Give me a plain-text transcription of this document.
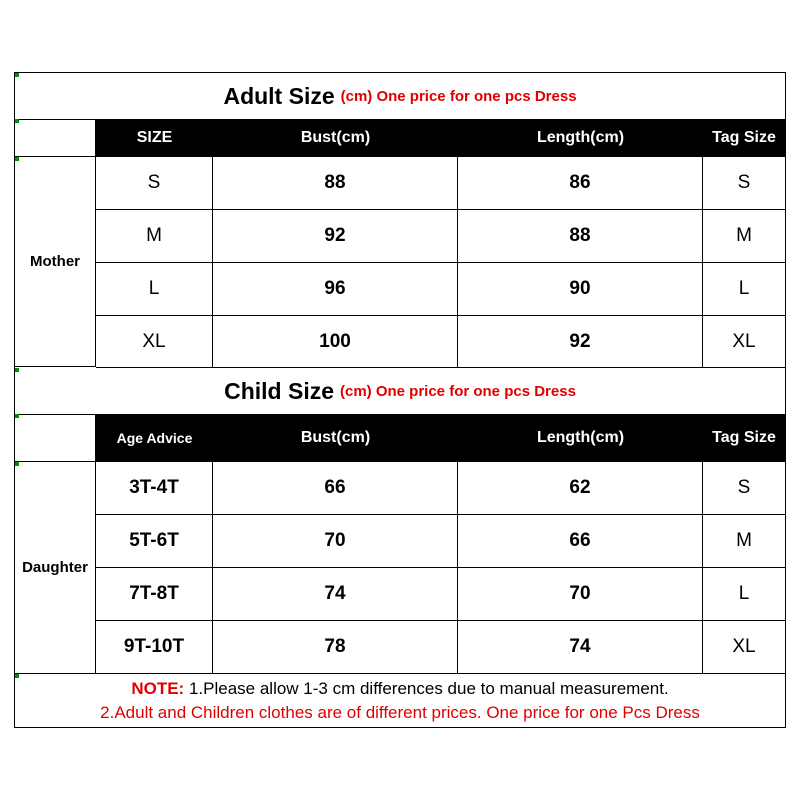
Adult Size (cm) One price for one pcs Dress
SIZE	Bust(cm)	Length(cm)	Tag Size
Mother
S	88	86	S
M	92	88	M
L	96	90	L
XL	100	92	XL
Child Size (cm) One price for one pcs Dress
Age Advice	Bust(cm)	Length(cm)	Tag Size
Daughter
3T-4T	66	62	S
5T-6T	70	66	M
7T-8T	74	70	L
9T-10T	78	74	XL
NOTE: 1.Please allow 1-3 cm differences due to manual measurement.
2.Adult and Children clothes are of different prices. One price for one Pcs Dress
